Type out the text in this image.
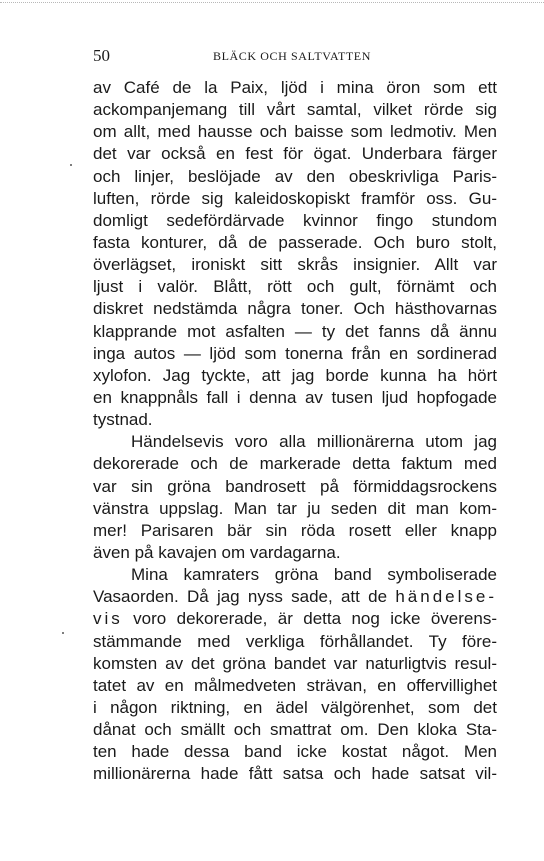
50	BLÄCK OCH SALTVATTEN
av Café de la Paix, ljöd i mina öron som ett
ackompanjemang till vårt samtal, vilket rörde sig
om allt, med hausse och baisse som ledmotiv. Men
det var också en fest för ögat. Underbara färger
och linjer, beslöjade av den obeskrivliga Paris-
luften, rörde sig kaleidoskopiskt framför oss. Gu-
domligt sedefördärvade kvinnor fingo stundom
fasta konturer, då de passerade. Och buro stolt,
överlägset, ironiskt sitt skrås insignier. Allt var
ljust i valör. Blått, rött och gult, förnämt och
diskret nedstämda några toner. Och hästhovarnas
klapprande mot asfalten — ty det fanns då ännu
inga autos — ljöd som tonerna från en sordinerad
xylofon. Jag tyckte, att jag borde kunna ha hört
en knappnåls fall i denna av tusen ljud hopfogade
tystnad.
Händelsevis voro alla millionärerna utom jag
dekorerade och de markerade detta faktum med
var sin gröna bandrosett på förmiddagsrockens
vänstra uppslag. Man tar ju seden dit man kom-
mer! Parisaren bär sin röda rosett eller knapp
även på kavajen om vardagarna.
Mina kamraters gröna band symboliserade
Vasaorden. Då jag nyss sade, att de händelse-
vis voro dekorerade, är detta nog icke överens-
stämmande med verkliga förhållandet. Ty före-
komsten av det gröna bandet var naturligtvis resul-
tatet av en målmedveten strävan, en offervillighet
i någon riktning, en ädel välgörenhet, som det
dånat och smällt och smattrat om. Den kloka Sta-
ten hade dessa band icke kostat något. Men
millionärerna hade fått satsa och hade satsat vil-
